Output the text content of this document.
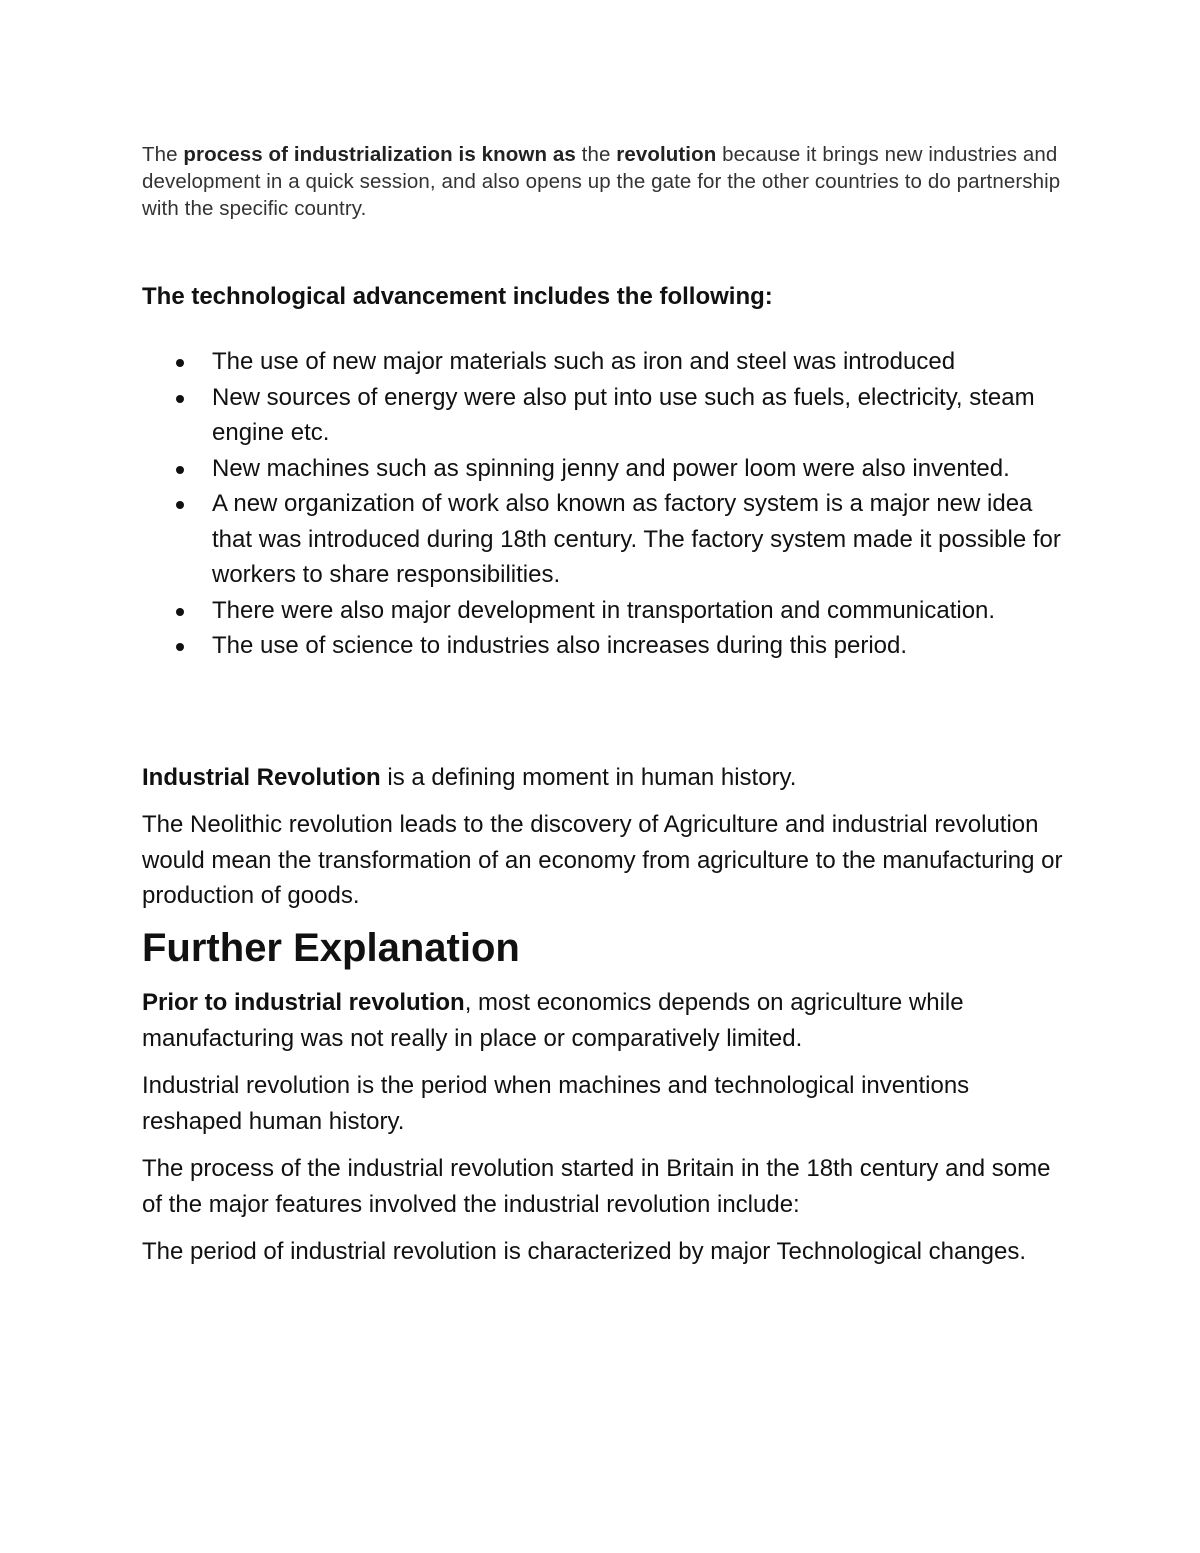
The process of industrialization is known as the revolution because it brings new industries and development in a quick session, and also opens up the gate for the other countries to do partnership with the specific country.

The technological advancement includes the following:
The use of new major materials such as iron and steel was introduced
New sources of energy were also put into use such as fuels, electricity, steam engine etc.
New machines such as spinning jenny and power loom were also invented.
A new organization of work also known as factory system is a major new idea that was introduced during 18th century. The factory system made it possible for workers to share responsibilities.
There were also major development in transportation and communication.
The use of science to industries also increases during this period.

Industrial Revolution is a defining moment in human history.

The Neolithic revolution leads to the discovery of Agriculture and industrial revolution would mean the transformation of an economy from agriculture to the manufacturing or production of goods.

Further Explanation

Prior to industrial revolution, most economics depends on agriculture while manufacturing was not really in place or comparatively limited.

Industrial revolution is the period when machines and technological inventions reshaped human history.

The process of the industrial revolution started in Britain in the 18th century and some of the major features involved the industrial revolution include:

The period of industrial revolution is characterized by major Technological changes.
